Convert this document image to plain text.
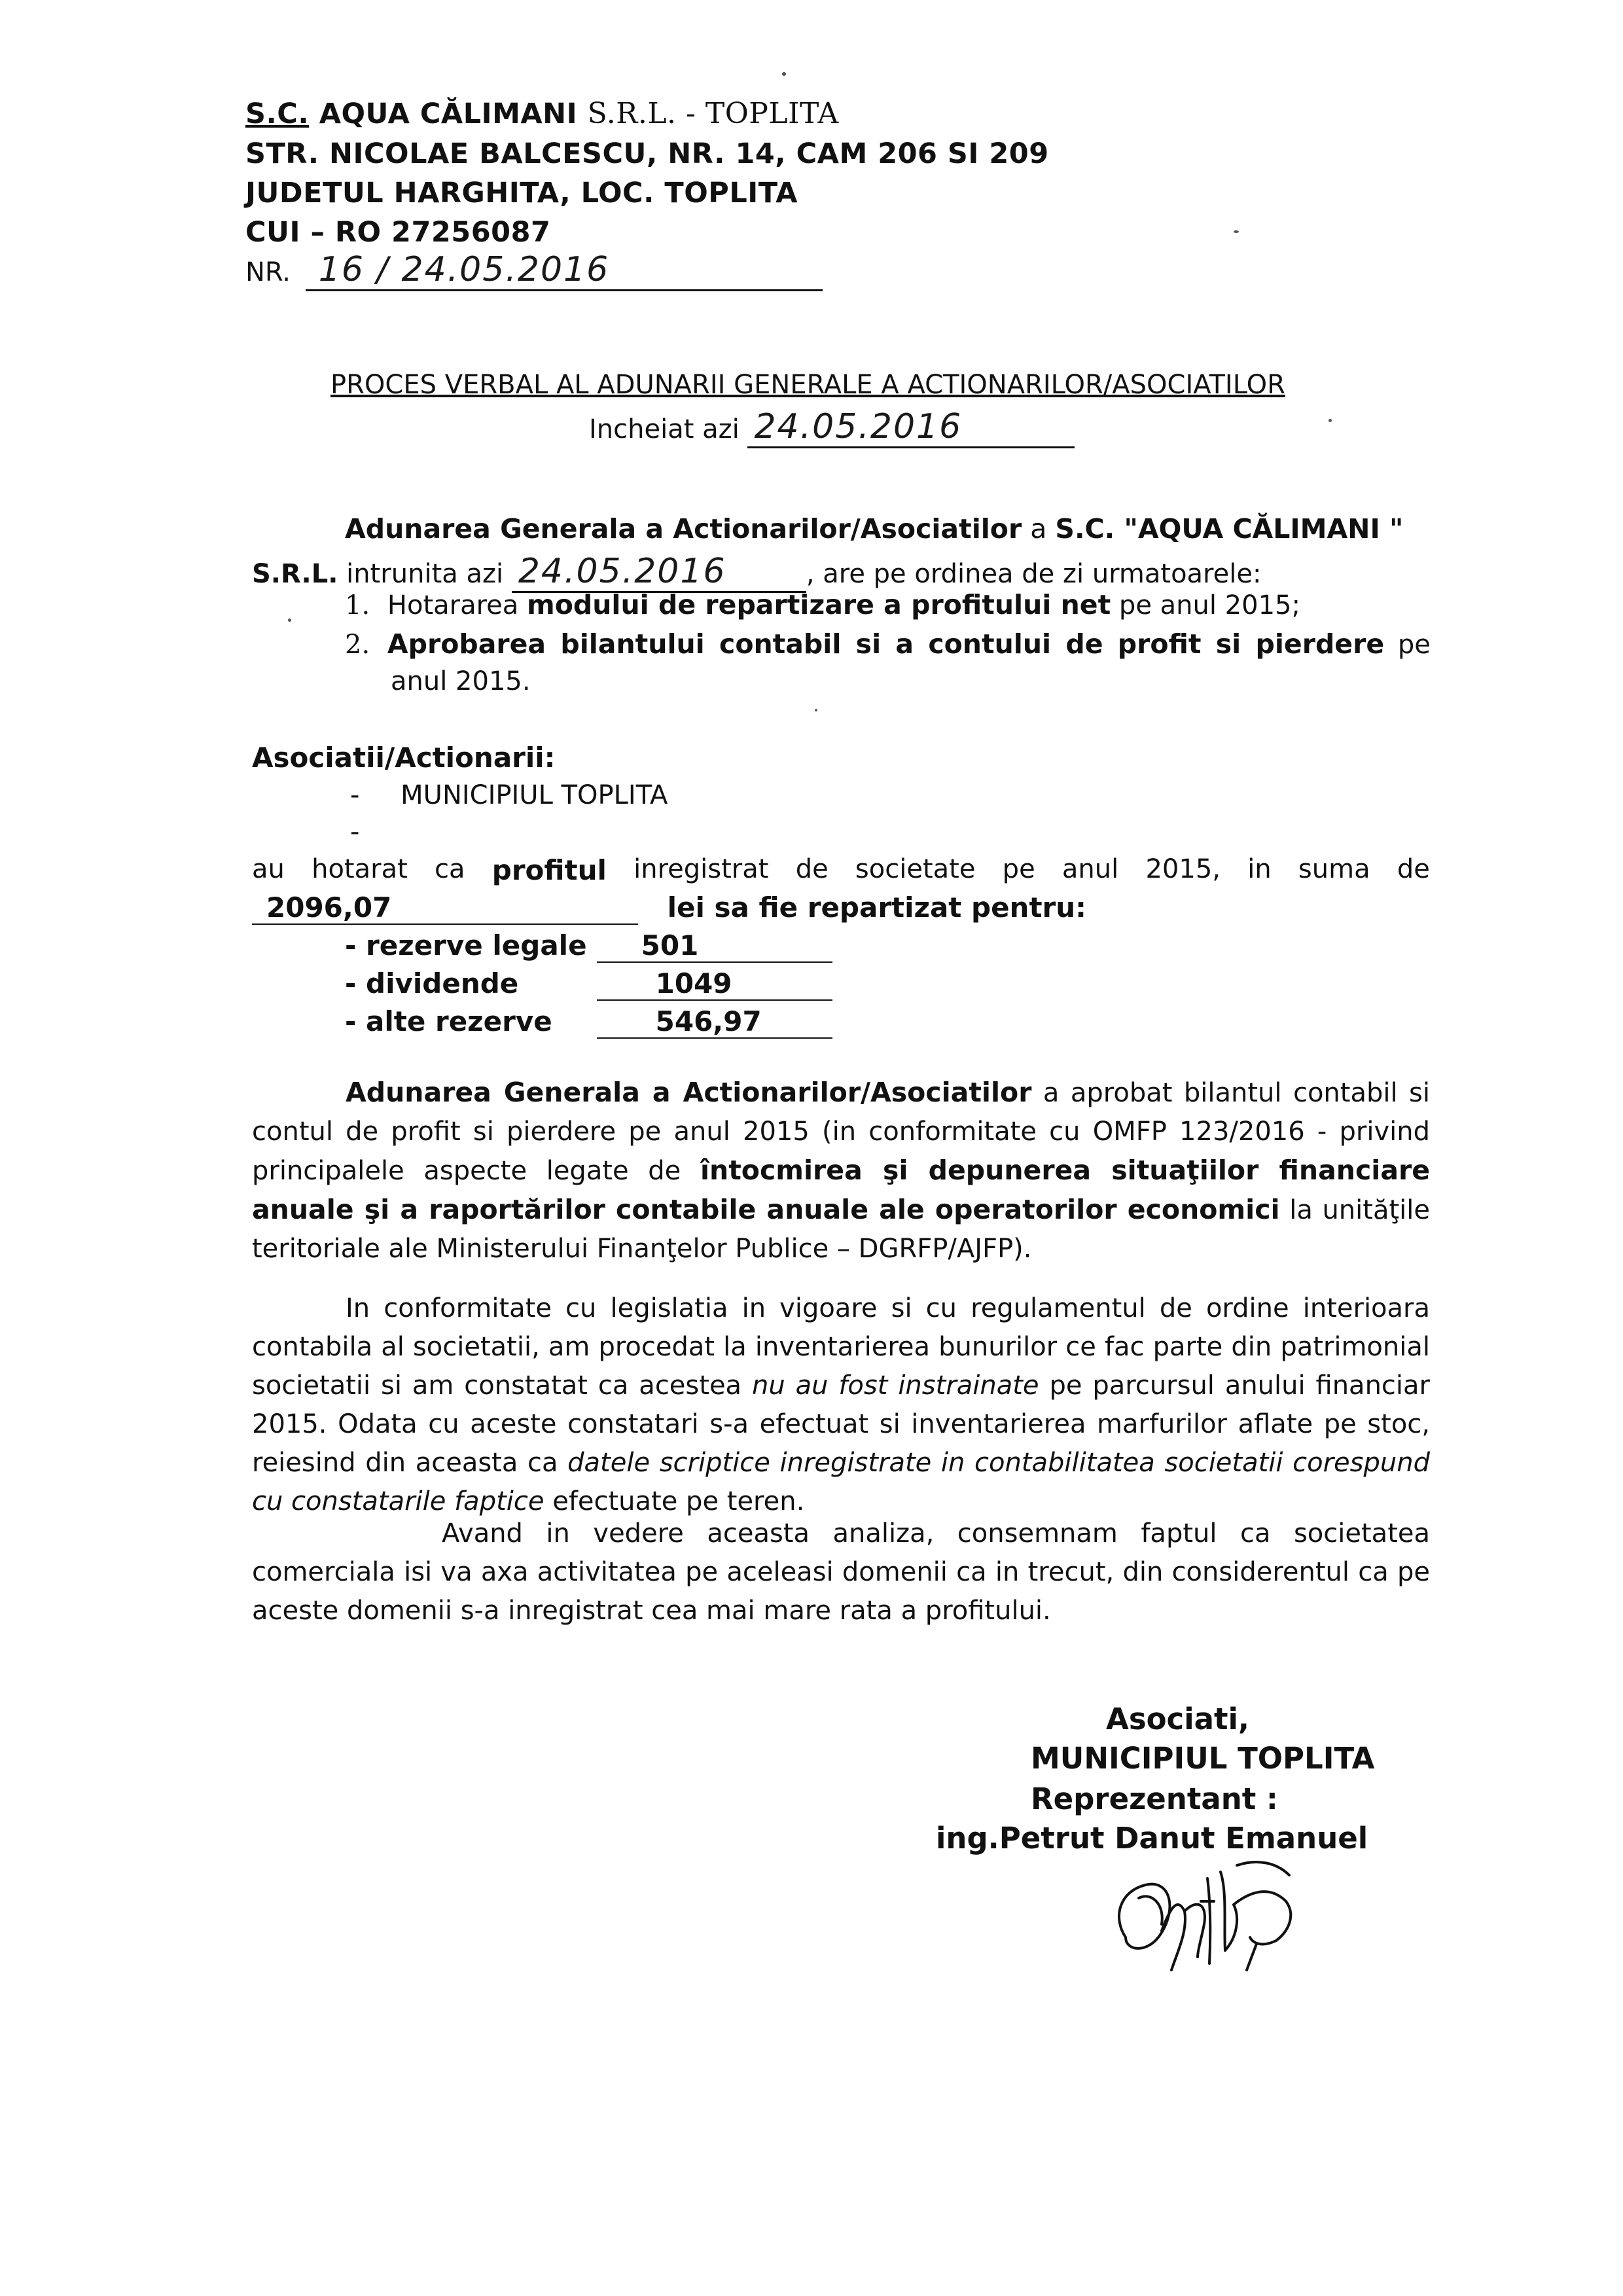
S.C. AQUA CĂLIMANI S.R.L. - TOPLITA
STR. NICOLAE BALCESCU, NR. 14, CAM 206 SI 209
JUDETUL HARGHITA, LOC. TOPLITA
CUI – RO 27256087
NR. 16 / 24.05.2016
PROCES VERBAL AL ADUNARII GENERALE A ACTIONARILOR/ASOCIATILOR
Incheiat azi 24.05.2016
Adunarea Generala a Actionarilor/Asociatilor a S.C. "AQUA CĂLIMANI "
S.R.L. intrunita azi 24.05.2016	, are pe ordinea de zi urmatoarele:
1. Hotararea modului de repartizare a profitului net pe anul 2015;
2. Aprobarea bilantului contabil si a contului de profit si pierdere pe
anul 2015.
Asociatii/Actionarii:
- MUNICIPIUL TOPLITA
-
au hotarat ca profitul inregistrat de societate pe anul 2015, in suma de
2096,07	lei sa fie repartizat pentru:
- rezerve legale 501
- dividende	1049
- alte rezerve	546,97
Adunarea Generala a Actionarilor/Asociatilor a aprobat bilantul contabil si contul de profit si pierdere pe anul 2015 (in conformitate cu OMFP 123/2016 - privind principalele aspecte legate de întocmirea şi depunerea situaţiilor financiare anuale şi a raportărilor contabile anuale ale operatorilor economici la unităţile teritoriale ale Ministerului Finanţelor Publice – DGRFP/AJFP).
In conformitate cu legislatia in vigoare si cu regulamentul de ordine interioara contabila al societatii, am procedat la inventarierea bunurilor ce fac parte din patrimonial societatii si am constatat ca acestea nu au fost instrainate pe parcursul anului financiar 2015. Odata cu aceste constatari s-a efectuat si inventarierea marfurilor aflate pe stoc, reiesind din aceasta ca datele scriptice inregistrate in contabilitatea societatii corespund cu constatarile faptice efectuate pe teren.
Avand in vedere aceasta analiza, consemnam faptul ca societatea comerciala isi va axa activitatea pe aceleasi domenii ca in trecut, din considerentul ca pe aceste domenii s-a inregistrat cea mai mare rata a profitului.
Asociati,
MUNICIPIUL TOPLITA
Reprezentant :
ing.Petrut Danut Emanuel
